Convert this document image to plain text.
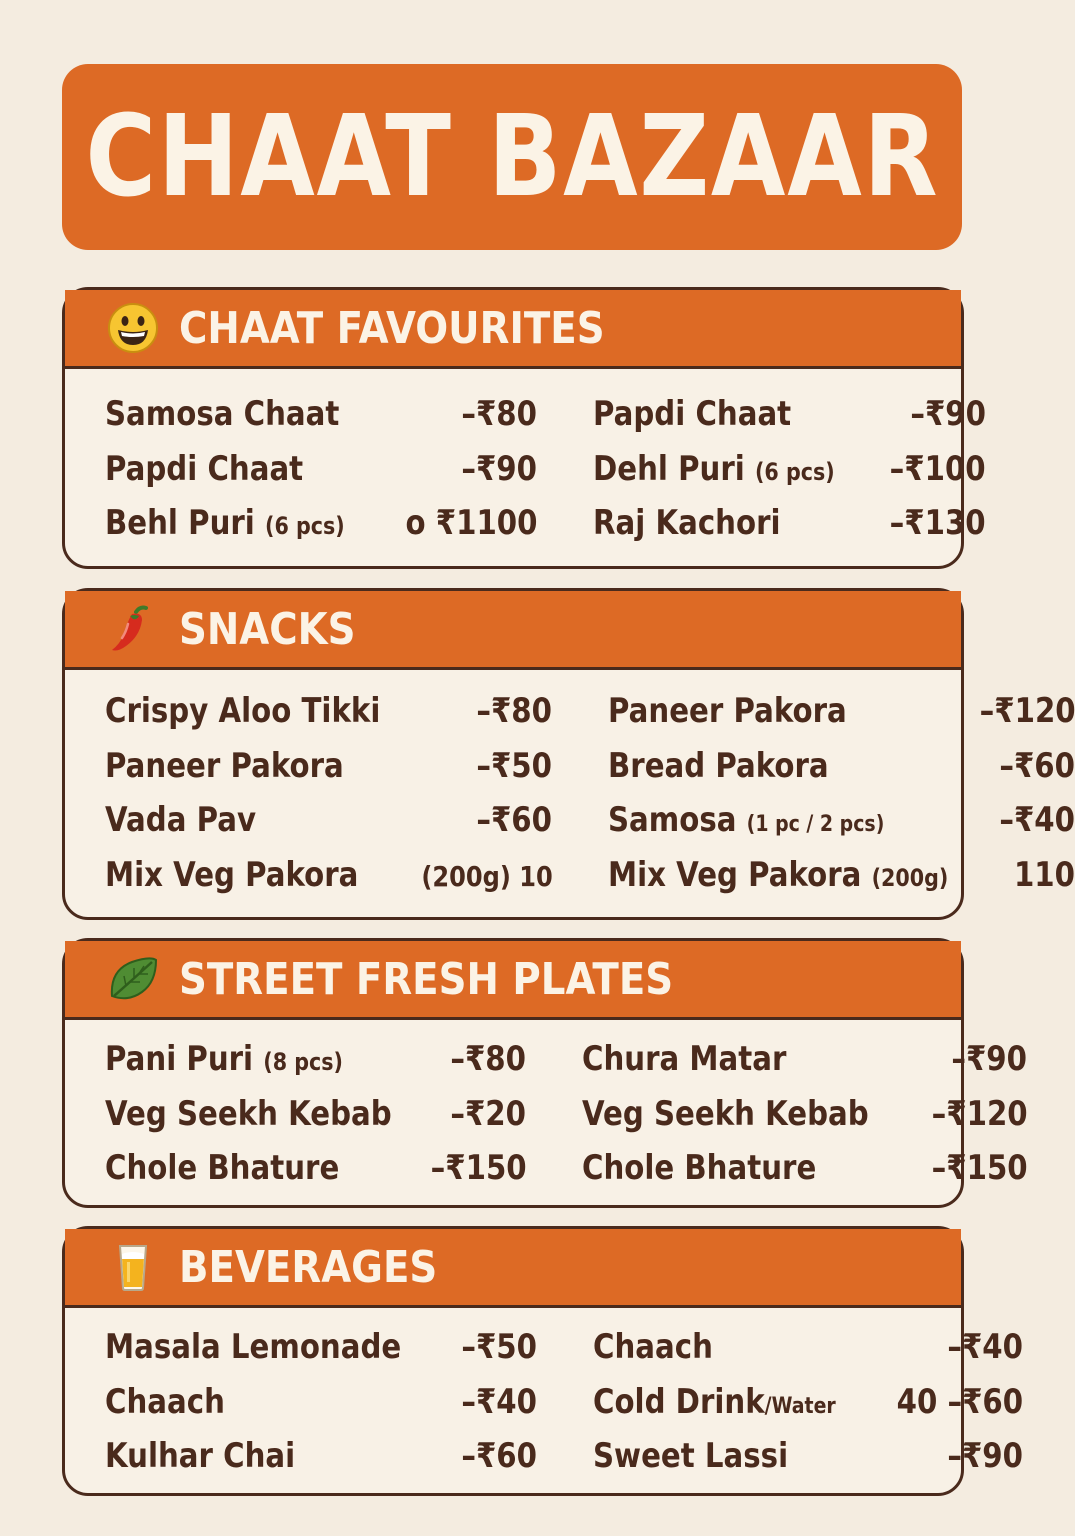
CHAAT BAZAAR
CHAAT FAVOURITES
Samosa Chaat	–₹80
Papdi Chaat	–₹90
Behl Puri (6 pcs) o ₹1100
Papdi Chaat	–₹90
Dehl Puri (6 pcs) –₹100
Raj Kachori	–₹130
SNACKS
Crispy Aloo Tikki	–₹80
Paneer Pakora	–₹50
Vada Pav	–₹60
Mix Veg Pakora (200g) 10
Paneer Pakora	–₹120
Bread Pakora	–₹60
Samosa (1 pc / 2 pcs)	–₹40
Mix Veg Pakora (200g) 110
STREET FRESH PLATES
Pani Puri (8 pcs)	–₹80
Veg Seekh Kebab –₹20
Chole Bhature	–₹150
Chura Matar	–₹90
Veg Seekh Kebab –₹120
Chole Bhature	–₹150
BEVERAGES
Masala Lemonade –₹50
Chaach	–₹40
Kulhar Chai	–₹60
Chaach	–₹40
Cold Drink/Water 40 –₹60
Sweet Lassi	–₹90
